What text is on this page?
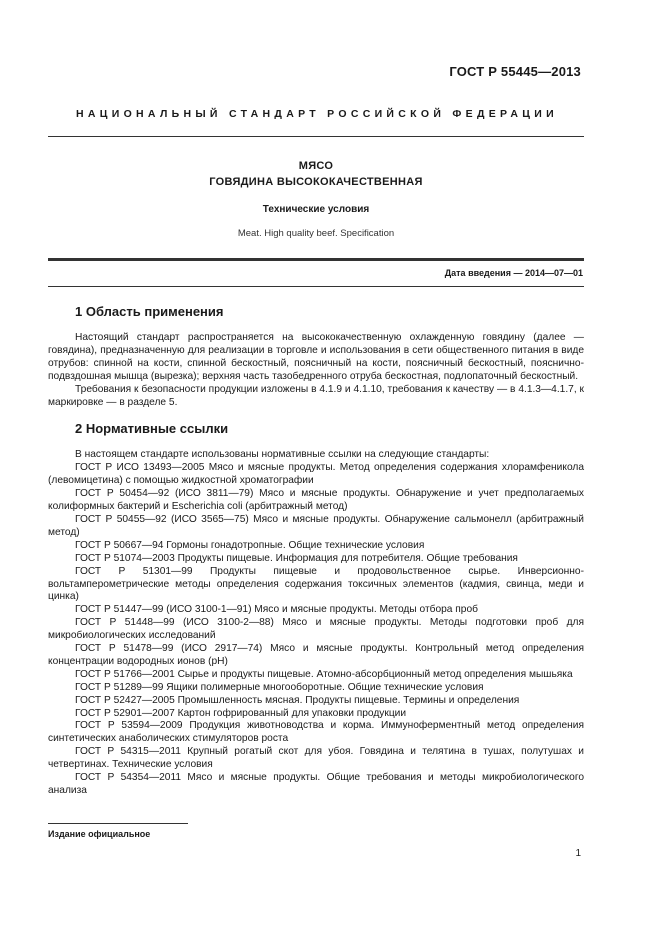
ГОСТ Р 55445—2013
НАЦИОНАЛЬНЫЙ СТАНДАРТ РОССИЙСКОЙ ФЕДЕРАЦИИ
МЯСО
ГОВЯДИНА ВЫСОКОКАЧЕСТВЕННАЯ
Технические условия
Meat. High quality beef. Specification
Дата введения — 2014—07—01
1 Область применения

Настоящий стандарт распространяется на высококачественную охлажденную говядину (далее — говядина), предназначенную для реализации в торговле и использования в сети общественного питания в виде отрубов: спинной на кости, спинной бескостный, поясничный на кости, поясничный бескостный, пояснично-подвздошная мышца (вырезка); верхняя часть тазобедренного отруба бескостная, подлопаточный бескостный.

Требования к безопасности продукции изложены в 4.1.9 и 4.1.10, требования к качеству — в 4.1.3—4.1.7, к маркировке — в разделе 5.

2 Нормативные ссылки

В настоящем стандарте использованы нормативные ссылки на следующие стандарты:

ГОСТ Р ИСО 13493—2005 Мясо и мясные продукты. Метод определения содержания хлорамфеникола (левомицетина) с помощью жидкостной хроматографии

ГОСТ Р 50454—92 (ИСО 3811—79) Мясо и мясные продукты. Обнаружение и учет предполагаемых колиформных бактерий и Escherichia coli (арбитражный метод)

ГОСТ Р 50455—92 (ИСО 3565—75) Мясо и мясные продукты. Обнаружение сальмонелл (арбитражный метод)

ГОСТ Р 50667—94 Гормоны гонадотропные. Общие технические условия

ГОСТ Р 51074—2003 Продукты пищевые. Информация для потребителя. Общие требования

ГОСТ Р 51301—99 Продукты пищевые и продовольственное сырье. Инверсионно-вольтамперометрические методы определения содержания токсичных элементов (кадмия, свинца, меди и цинка)

ГОСТ Р 51447—99 (ИСО 3100-1—91) Мясо и мясные продукты. Методы отбора проб

ГОСТ Р 51448—99 (ИСО 3100-2—88) Мясо и мясные продукты. Методы подготовки проб для микробиологических исследований

ГОСТ Р 51478—99 (ИСО 2917—74) Мясо и мясные продукты. Контрольный метод определения концентрации водородных ионов (рН)

ГОСТ Р 51766—2001 Сырье и продукты пищевые. Атомно-абсорбционный метод определения мышьяка

ГОСТ Р 51289—99 Ящики полимерные многооборотные. Общие технические условия

ГОСТ Р 52427—2005 Промышленность мясная. Продукты пищевые. Термины и определения

ГОСТ Р 52901—2007 Картон гофрированный для упаковки продукции

ГОСТ Р 53594—2009 Продукция животноводства и корма. Иммуноферментный метод определения синтетических анаболических стимуляторов роста

ГОСТ Р 54315—2011 Крупный рогатый скот для убоя. Говядина и телятина в тушах, полутушах и четвертинах. Технические условия

ГОСТ Р 54354—2011 Мясо и мясные продукты. Общие требования и методы микробиологического анализа

Издание официальное
1
